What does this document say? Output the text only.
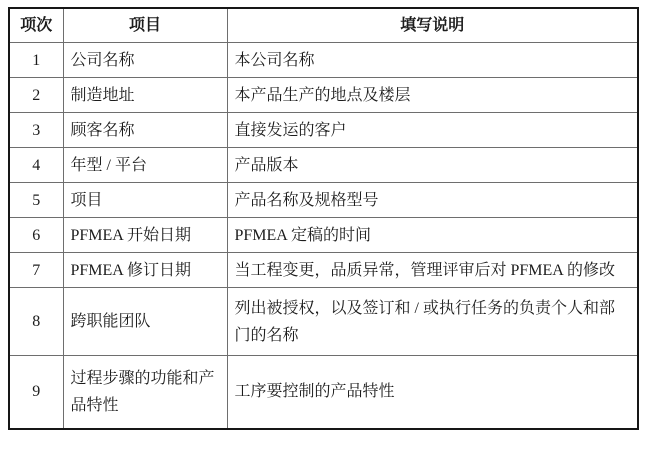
项次	项目	填写说明
1	公司名称	本公司名称
2	制造地址	本产品生产的地点及楼层
3	顾客名称	直接发运的客户
4	年型 / 平台	产品版本
5	项目	产品名称及规格型号
6	PFMEA 开始日期	PFMEA 定稿的时间
7	PFMEA 修订日期	当工程变更，品质异常，管理评审后对 PFMEA 的修改
8	跨职能团队	列出被授权，以及签订和 / 或执行任务的负责个人和部门的名称
9	过程步骤的功能和产品特性	工序要控制的产品特性
